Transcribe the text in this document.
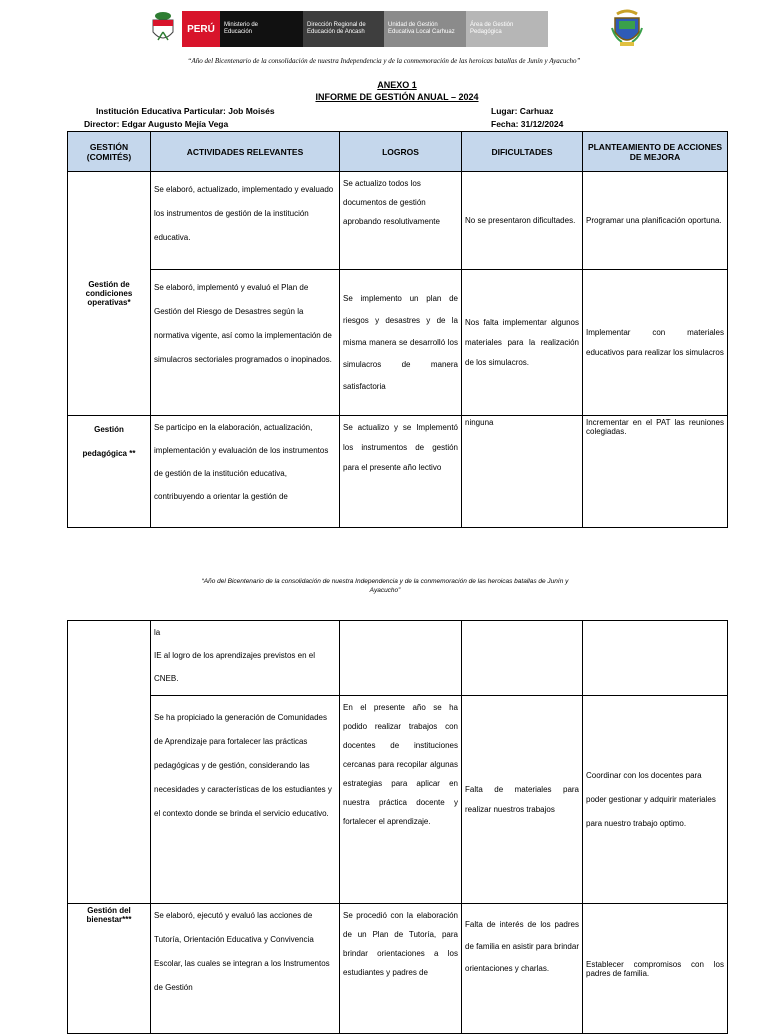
PERÚ	Ministerio de
Educación
Dirección Regional de
Educación de Ancash
Unidad de Gestión
Educativa Local Carhuaz
Área de Gestión
Pedagógica
“Año del Bicentenario de la consolidación de nuestra Independencia y de la conmemoración de las heroicas batallas de Junín y Ayacucho”
ANEXO 1
INFORME DE GESTIÓN ANUAL – 2024
Institución Educativa Particular: Job Moisés	Lugar: Carhuaz
Director: Edgar Augusto Mejía Vega	Fecha: 31/12/2024
GESTIÓN (COMITÉS)	ACTIVIDADES RELEVANTES	LOGROS	DIFICULTADES	PLANTEAMIENTO DE ACCIONES DE MEJORA
Gestión de condiciones operativas*	Se elaboró, actualizado, implementado y evaluado los instrumentos de gestión de la institución educativa.	Se actualizo todos los documentos de gestión aprobando resolutivamente	No se presentaron dificultades.	Programar una planificación oportuna.
	Se elaboró, implementó y evaluó el Plan de Gestión del Riesgo de Desastres según la normativa vigente, así como la implementación de simulacros sectoriales programados o inopinados.	Se implemento un plan de riesgos y desastres y de la misma manera se desarrolló los simulacros de manera satisfactoria	Nos falta implementar algunos materiales para la realización de los simulacros.	Implementar con materiales educativos para realizar los simulacros
Gestión pedagógica **	Se participo en la elaboración, actualización, implementación y evaluación de los instrumentos de gestión de la institución educativa, contribuyendo a orientar la gestión de	Se actualizo y se Implementó los instrumentos de gestión para el presente año lectivo	ninguna	Incrementar en el PAT las reuniones colegiadas.
“Año del Bicentenario de la consolidación de nuestra Independencia y de la conmemoración de las heroicas batallas de Junín y Ayacucho”
	la
IE al logro de los aprendizajes previstos en el CNEB.			
	Se ha propiciado la generación de Comunidades de Aprendizaje para fortalecer las prácticas pedagógicas y de gestión, considerando las necesidades y características de los estudiantes y el contexto donde se brinda el servicio educativo.	En el presente año se ha podido realizar trabajos con docentes de instituciones cercanas para recopilar algunas estrategias para aplicar en nuestra práctica docente y fortalecer el aprendizaje.	Falta de materiales para realizar nuestros trabajos	Coordinar con los docentes para poder gestionar y adquirir materiales para nuestro trabajo optimo.
Gestión del bienestar***	Se elaboró, ejecutó y evaluó las acciones de Tutoría, Orientación Educativa y Convivencia Escolar, las cuales se integran a los Instrumentos de Gestión	Se procedió con la elaboración de un Plan de Tutoría, para brindar orientaciones a los estudiantes y padres de	Falta de interés de los padres de familia en asistir para brindar orientaciones y charlas.	Establecer compromisos con los padres de familia.
